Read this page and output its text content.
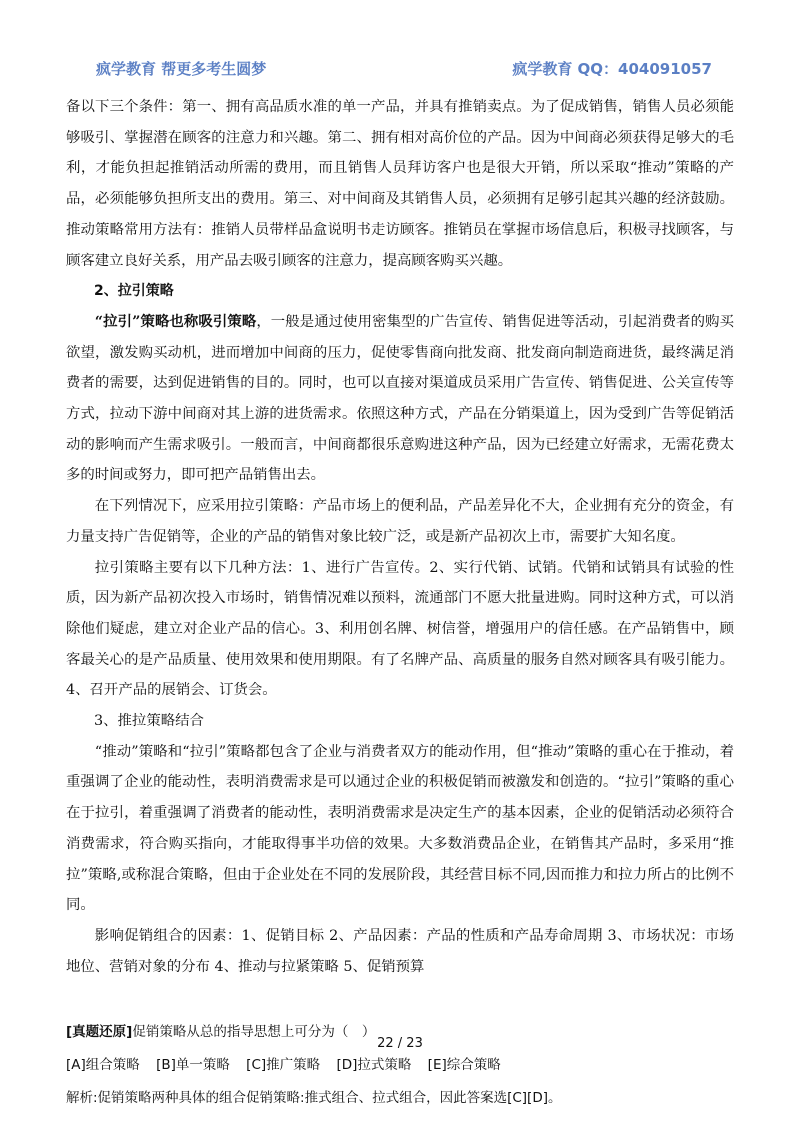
疯学教育 帮更多考生圆梦	疯学教育 QQ：404091057

备以下三个条件：第一、拥有高品质水准的单一产品，并具有推销卖点。为了促成销售，销售人员必须能够吸引、掌握潜在顾客的注意力和兴趣。第二、拥有相对高价位的产品。因为中间商必须获得足够大的毛利，才能负担起推销活动所需的费用，而且销售人员拜访客户也是很大开销，所以采取“推动”策略的产品，必须能够负担所支出的费用。第三、对中间商及其销售人员，必须拥有足够引起其兴趣的经济鼓励。推动策略常用方法有：推销人员带样品盒说明书走访顾客。推销员在掌握市场信息后，积极寻找顾客，与顾客建立良好关系，用产品去吸引顾客的注意力，提高顾客购买兴趣。

2、拉引策略

“拉引”策略也称吸引策略，一般是通过使用密集型的广告宣传、销售促进等活动，引起消费者的购买欲望，激发购买动机，进而增加中间商的压力，促使零售商向批发商、批发商向制造商进货，最终满足消费者的需要，达到促进销售的目的。同时，也可以直接对渠道成员采用广告宣传、销售促进、公关宣传等方式，拉动下游中间商对其上游的进货需求。依照这种方式，产品在分销渠道上，因为受到广告等促销活动的影响而产生需求吸引。一般而言，中间商都很乐意购进这种产品，因为已经建立好需求，无需花费太多的时间或努力，即可把产品销售出去。

在下列情况下，应采用拉引策略：产品市场上的便利品，产品差异化不大，企业拥有充分的资金，有力量支持广告促销等，企业的产品的销售对象比较广泛，或是新产品初次上市，需要扩大知名度。

拉引策略主要有以下几种方法：1、进行广告宣传。2、实行代销、试销。代销和试销具有试验的性质，因为新产品初次投入市场时，销售情况难以预料，流通部门不愿大批量进购。同时这种方式，可以消除他们疑虑，建立对企业产品的信心。3、利用创名牌、树信誉，增强用户的信任感。在产品销售中，顾客最关心的是产品质量、使用效果和使用期限。有了名牌产品、高质量的服务自然对顾客具有吸引能力。4、召开产品的展销会、订货会。

3、推拉策略结合

“推动”策略和“拉引”策略都包含了企业与消费者双方的能动作用，但“推动”策略的重心在于推动，着重强调了企业的能动性，表明消费需求是可以通过企业的积极促销而被激发和创造的。“拉引”策略的重心在于拉引，着重强调了消费者的能动性，表明消费需求是决定生产的基本因素，企业的促销活动必须符合消费需求，符合购买指向，才能取得事半功倍的效果。大多数消费品企业，在销售其产品时，多采用“推拉”策略,或称混合策略，但由于企业处在不同的发展阶段，其经营目标不同,因而推力和拉力所占的比例不同。

影响促销组合的因素：1、促销目标 2、产品因素：产品的性质和产品寿命周期 3、市场状况：市场地位、营销对象的分布 4、推动与拉紧策略 5、促销预算

[真题还原]促销策略从总的指导思想上可分为（　）

[A]组合策略 [B]单一策略 [C]推广策略 [D]拉式策略 [E]综合策略

解析:促销策略两种具体的组合促销策略:推式组合、拉式组合，因此答案选[C][D]。

22 / 23
